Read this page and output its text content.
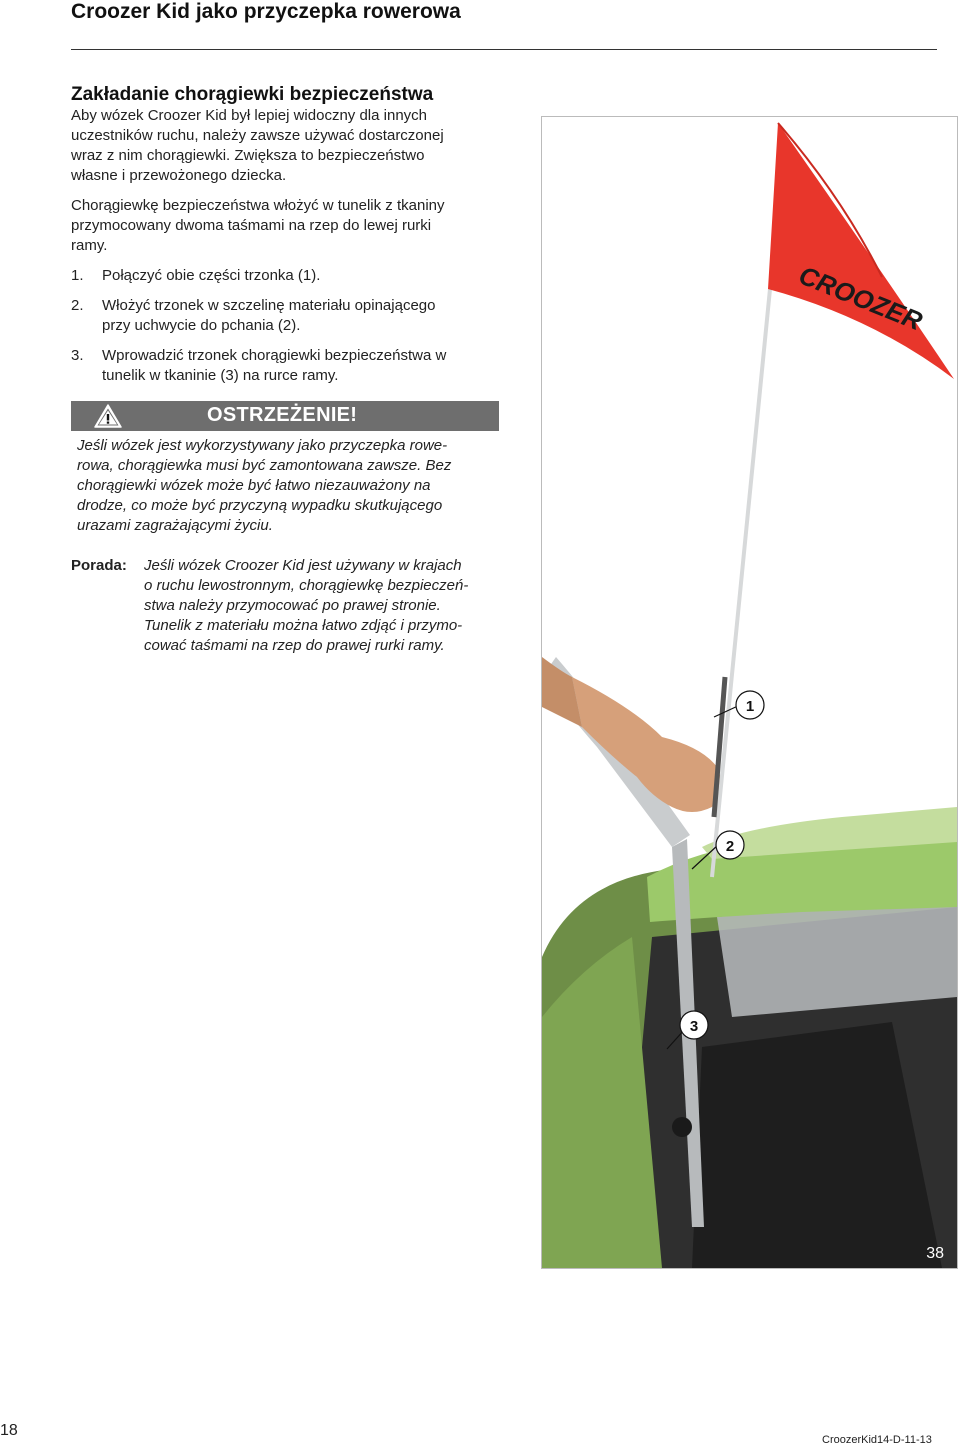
Croozer Kid jako przyczepka rowerowa
Zakładanie chorągiewki bezpieczeństwa
Aby wózek Croozer Kid był lepiej widoczny dla innych
uczestników ruchu, należy zawsze używać dostarczonej
wraz z nim chorągiewki. Zwiększa to bezpieczeństwo
własne i przewożonego dziecka.
Chorągiewkę bezpieczeństwa włożyć w tunelik z tkaniny
przymocowany dwoma taśmami na rzep do lewej rurki
ramy.
1.	Połączyć obie części trzonka (1).
2.	Włożyć trzonek w szczelinę materiału opinającego
przy uchwycie do pchania (2).
3.	Wprowadzić trzonek chorągiewki bezpieczeństwa w
tunelik w tkaninie (3) na rurce ramy.
OSTRZEŻENIE!
Jeśli wózek jest wykorzystywany jako przyczepka rowe-
rowa, chorągiewka musi być zamontowana zawsze. Bez
chorągiewki wózek może być łatwo niezauważony na
drodze, co może być przyczyną wypadku skutkującego
urazami zagrażającymi życiu.
Porada: Jeśli wózek Croozer Kid jest używany w krajach
o ruchu lewostronnym, chorągiewkę bezpieczeń-
stwa należy przymocować po prawej stronie.
Tunelik z materiału można łatwo zdjąć i przymo-
cować taśmami na rzep do prawej rurki ramy.
CROOZER
1
2
3
38
18
CroozerKid14-D-11-13
